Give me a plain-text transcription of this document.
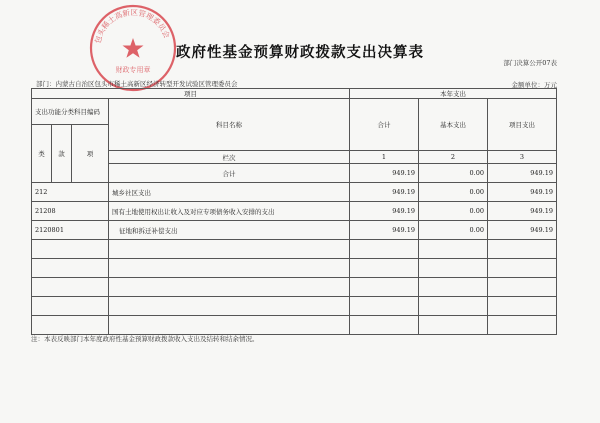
包头稀土高新区管理委员会
财政专用章
政府性基金预算财政拨款支出决算表
部门决算公开07表
部门：内蒙古自治区包头市稀土高新区经济转型开发试验区管理委员会	金额单位：万元
项目				本年支出		
支出功能分类科目编码			科目名称	合计	基本支出	项目支出
类	款	项				
			栏次	1	2	3
			合计	949.19	0.00	949.19
212			城乡社区支出	949.19	0.00	949.19
21208			国有土地使用权出让收入及对应专项债务收入安排的支出	949.19	0.00	949.19
2120801			征地和拆迁补偿支出	949.19	0.00	949.19

注：本表反映部门本年度政府性基金预算财政拨款收入支出及结转和结余情况。
